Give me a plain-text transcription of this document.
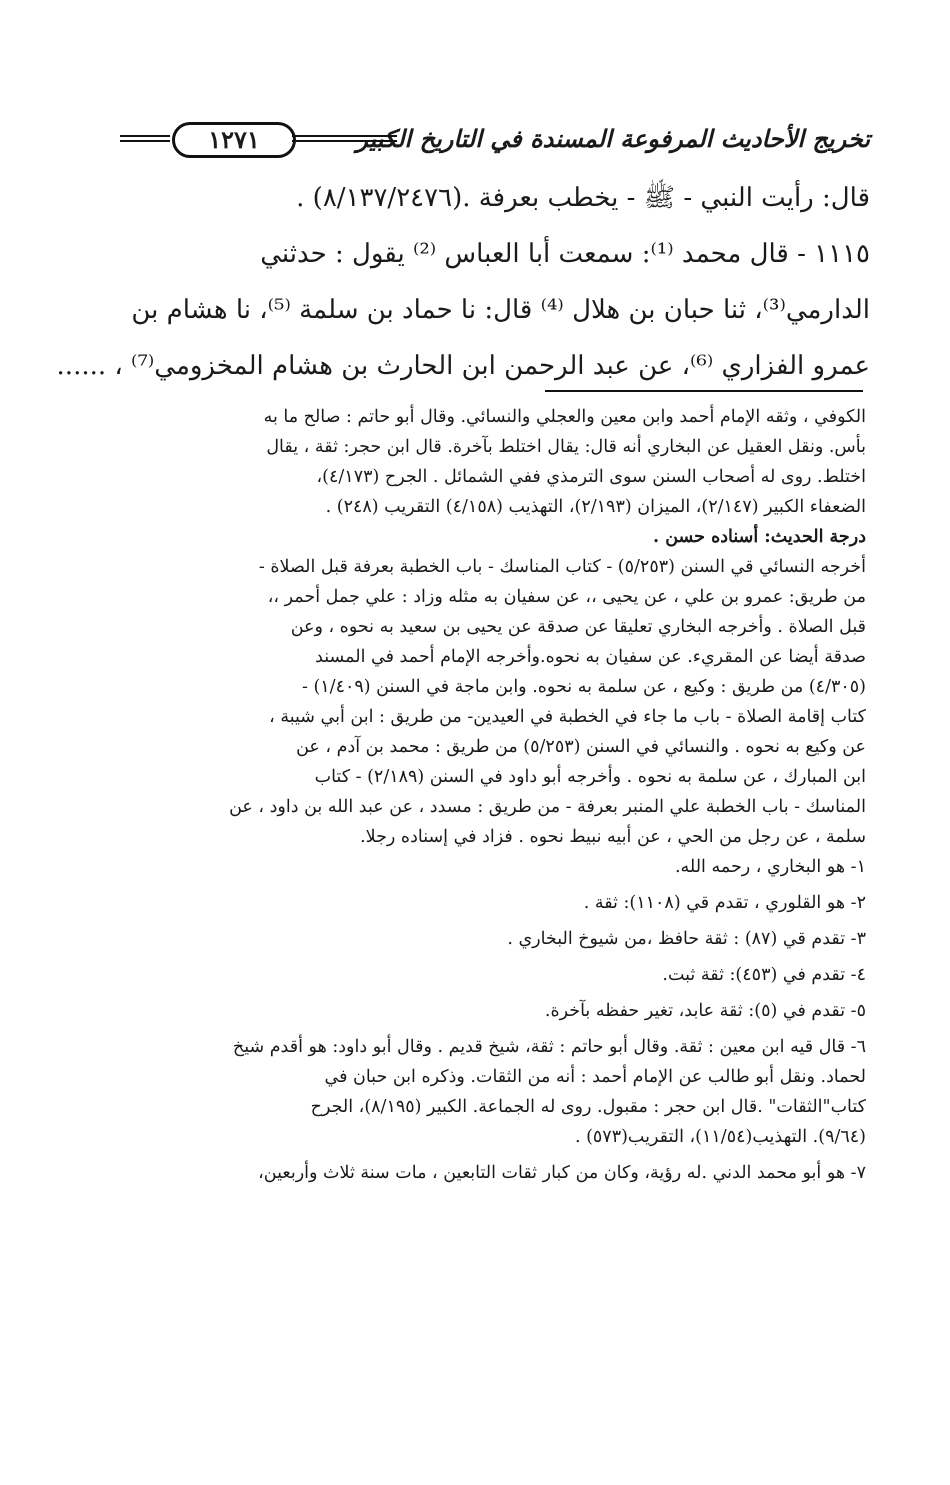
تخريج الأحاديث المرفوعة المسندة في التاريخ الكبير
١٢٧١

قال: رأيت النبي - ﷺ - يخطب بعرفة .(٨/١٣٧/٢٤٧٦) .

١١١٥ - قال محمد ⁽¹⁾: سمعت أبا العباس ⁽²⁾ يقول : حدثني

الدارمي⁽³⁾، ثنا حبان بن هلال ⁽⁴⁾ قال: نا حماد بن سلمة ⁽⁵⁾، نا هشام بن

عمرو الفزاري ⁽⁶⁾، عن عبد الرحمن ابن الحارث بن هشام المخزومي⁽⁷⁾ ، ......

الكوفي ، وثقه الإمام أحمد وابن معين والعجلي والنسائي. وقال أبو حاتم : صالح ما به

بأس. ونقل العقيل عن البخاري أنه قال: يقال اختلط بآخرة. قال ابن حجر: ثقة ، يقال

اختلط. روى له أصحاب السنن سوى الترمذي ففي الشمائل . الجرح (٤/١٧٣)،

الضعفاء الكبير (٢/١٤٧)، الميزان (٢/١٩٣)، التهذيب (٤/١٥٨) التقريب (٢٤٨) .

درجة الحديث: أسناده حسن .

أخرجه النسائي قي السنن (٥/٢٥٣) - كتاب المناسك - باب الخطبة بعرفة قبل الصلاة -

من طريق: عمرو بن علي ، عن يحيى ،، عن سفيان به مثله وزاد : علي جمل أحمر ،،

قبل الصلاة . وأخرجه البخاري تعليقا عن صدقة عن يحيى بن سعيد به نحوه ، وعن

صدقة أيضا عن المقريء. عن سفيان به نحوه.وأخرجه الإمام أحمد في المسند

(٤/٣٠٥) من طريق : وكيع ، عن سلمة به نحوه. وابن ماجة في السنن (١/٤٠٩) -

كتاب إقامة الصلاة - باب ما جاء في الخطبة في العيدين- من طريق : ابن أبي شيبة ،

عن وكيع به نحوه . والنسائي في السنن (٥/٢٥٣) من طريق : محمد بن آدم ، عن

ابن المبارك ، عن سلمة به نحوه . وأخرجه أبو داود في السنن (٢/١٨٩) - كتاب

المناسك - باب الخطبة علي المنبر بعرفة - من طريق : مسدد ، عن عبد الله بن داود ، عن

سلمة ، عن رجل من الحي ، عن أبيه نبيط نحوه . فزاد في إسناده رجلا.

١- هو البخاري ، رحمه الله.

٢- هو القلوري ، تقدم قي (١١٠٨): ثقة .

٣- تقدم قي (٨٧) : ثقة حافظ ،من شيوخ البخاري .

٤- تقدم في (٤٥٣): ثقة ثبت.

٥- تقدم في (٥): ثقة عابد، تغير حفظه بآخرة.

٦- قال قيه ابن معين : ثقة. وقال أبو حاتم : ثقة، شيخ قديم . وقال أبو داود: هو أقدم شيخ

لحماد. ونقل أبو طالب عن الإمام أحمد : أنه من الثقات. وذكره ابن حبان في

كتاب"الثقات" .قال ابن حجر : مقبول. روى له الجماعة. الكبير (٨/١٩٥)، الجرح

(٩/٦٤). التهذيب(١١/٥٤)، التقريب(٥٧٣) .

٧- هو أبو محمد الدني .له رؤية، وكان من كبار ثقات التابعين ، مات سنة ثلاث وأربعين،
